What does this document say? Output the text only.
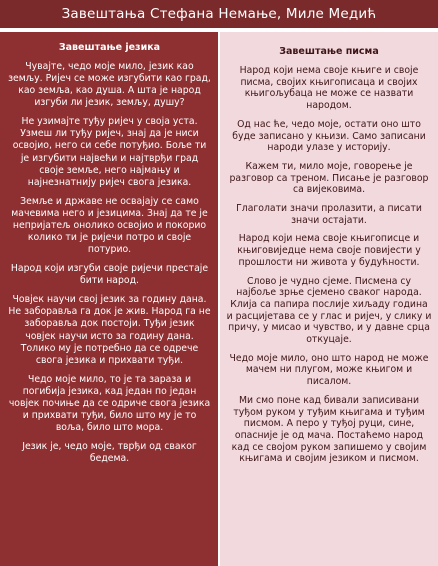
Завештања Стефана Немање, Миле Медић
Завештање језика

Чувајте, чедо моје мило, језик као земљу. Ријеч се може изгубити као град, као земља, као душа. А шта је народ изгуби ли језик, земљу, душу?

Не узимајте туђу ријеч у своја уста. Узмеш ли туђу ријеч, знај да је ниси освојио, него си себе потуђио. Боље ти је изгубити највећи и најтврђи град своје земље, него најмању и најнезнатнију ријеч свога језика.

Земље и државе не освајају се само мачевима него и језицима. Знај да те је непријатељ онолико освојио и покорио колико ти је ријечи потро и своје потурио.

Народ који изгуби своје ријечи престаје бити народ.

Човјек научи свој језик за годину дана. Не заборавља га док је жив. Народ га не заборавља док постоји. Туђи језик човјек научи исто за годину дана. Толико му је потребно да се одрече свога језика и прихвати туђи.

Чедо моје мило, то је та зараза и погибија језика, кад један по један човјек почиње да се одриче свога језика и прихвати туђи, било што му је то воља, било што мора.

Језик је, чедо моје, тврђи од сваког бедема.

Завештање писма

Народ који нема своје књиге и своје писма, својих књигописаца и својих књигољубаца не може се назвати народом.

Од нас ће, чедо моје, остати оно што буде записано у књизи. Само записани народи улазе у историју.

Кажем ти, мило моје, говорење је разговор са треном. Писање је разговор са вијековима.

Глаголати значи пролазити, а писати значи остајати.

Народ који нема своје књигописце и књиговиједце нема своје повијести у прошлости ни живота у будућности.

Слово је чудно сјеме. Писмена су најбоље зрње сјемено сваког народа. Клија са папира послије хиљаду година и расцијетава се у глас и ријеч, у слику и причу, у мисао и чувство, и у давне срца откуцаје.

Чедо моје мило, оно што народ не може мачем ни плугом, може књигом и писалом.

Ми смо поне кад бивали записивани туђом руком у туђим књигама и туђим писмом. А перо у туђој руци, сине, опасније је од мача. Постаћемо народ кад се својом руком запишемо у својим књигама и својим језиком и писмом.
